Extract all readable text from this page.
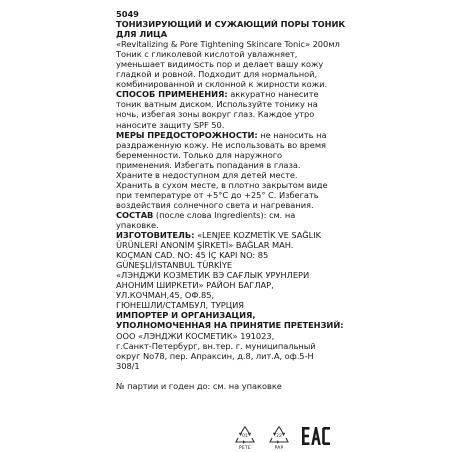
5049

ТОНИЗИРУЮЩИЙ И СУЖАЮЩИЙ ПОРЫ ТОНИК

ДЛЯ ЛИЦА

«Revitalizing & Pore Tightening Skincare Tonic» 200мл

Тоник с гликолевой кислотой увлажняет,

уменьшает видимость пор и делает вашу кожу

гладкой и ровной. Подходит для нормальной,

комбинированной и склонной к жирности кожи.

СПОСОБ ПРИМЕНЕНИЯ: аккуратно нанесите

тоник ватным диском. Используйте тонику на

ночь, избегая зоны вокруг глаз. Каждое утро

наносите защиту SPF 50.

МЕРЫ ПРЕДОСТОРОЖНОСТИ: не наносить на

раздраженную кожу. Не использовать во время

беременности. Только для наружного

применения. Избегать попадания в глаза.

Храните в недоступном для детей месте.

Хранить в сухом месте, в плотно закрытом виде

при температуре от +5°С до +25° С. Избегать

воздействия солнечного света и нагревания.

СОСТАВ (после слова Ingredients): см. на

упаковке.

ИЗГОТОВИТЕЛЬ: «LENJEE KOZMETİK VE SAĞLIK

ÜRÜNLERİ ANONİM ŞİRKETİ» BAĞLAR MAH.

KOÇMAN CAD. NO: 45 İÇ KAPI NO: 85

GÜNEŞLİ/İSTANBUL TÜRKİYE

«ЛЭНДЖИ КОЗМЕТИК ВЭ САҒЛЫК УРУНЛЕРИ

АНОНИМ ШИРКЕТИ» РАЙОН БАГЛАР,

УЛ.КОЧМАН,45, ОФ.85,

ГЮНЕШЛИ/СТАМБУЛ, ТУРЦИЯ

ИМПОРТЕР И ОРГАНИЗАЦИЯ,

УПОЛНОМОЧЕННАЯ НА ПРИНЯТИЕ ПРЕТЕНЗИЙ:

ООО «ЛЭНДЖИ КОСМЕТИК» 191023,

г.Санкт-Петербург, вн.тер. г. муниципальный

округ No78, пер. Апраксин, д.8, лит.А, оф.5-Н

308/1

№ партии и годен до: см. на упаковке

01
PETE
22
PAP
